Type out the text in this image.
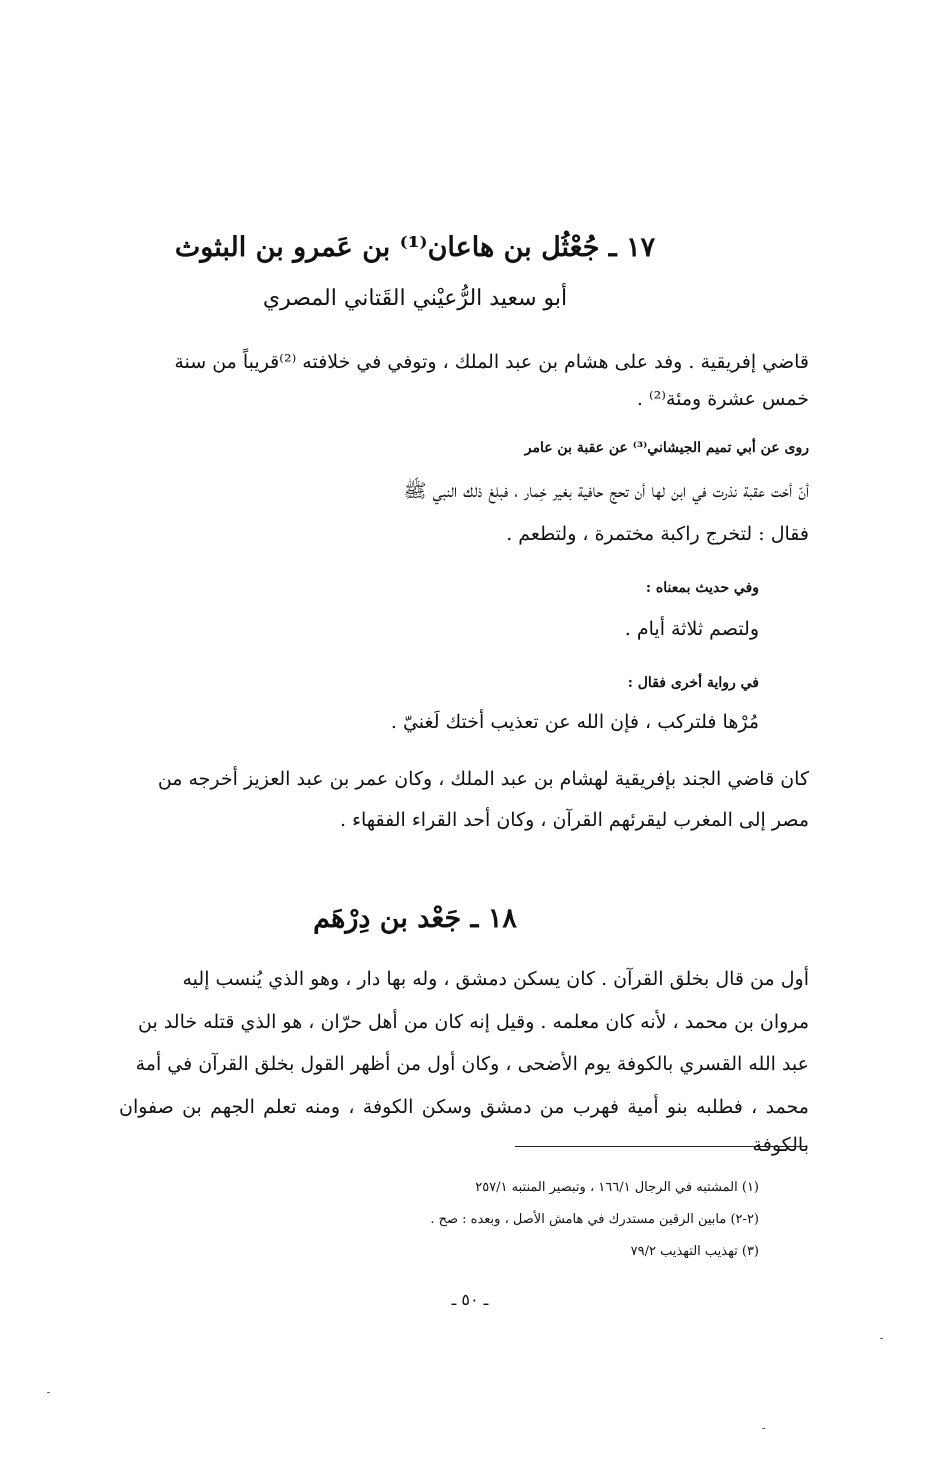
١٧ ـ جُعْثُل بن هاعان⁽¹⁾ بن عَمرو بن البثوث
أبو سعيد الرُّعيْني القَتاني المصري
قاضي إفريقية . وفد على هشام بن عبد الملك ، وتوفي في خلافته ⁽²⁾قريباً من سنة
خمس عشرة ومئة⁽²⁾ .
روى عن أبي تميم الجيشاني⁽³⁾ عن عقبة بن عامر
أنّ أخت عقبة نذرت في ابن لها أن تحج حافية بغير خِمار ، فبلغ ذلك النبي ﷺ
فقال : لتخرج راكبة مختمرة ، ولتطعم .
وفي حديث بمعناه :
ولتصم ثلاثة أيام .
في رواية أخرى فقال :
مُرْها فلتركب ، فإن الله عن تعذيب أختك لَغنيّ .
كان قاضي الجند بإفريقية لهشام بن عبد الملك ، وكان عمر بن عبد العزيز أخرجه من
مصر إلى المغرب ليقرئهم القرآن ، وكان أحد القراء الفقهاء .
١٨ ـ جَعْد بن دِرْهَم
أول من قال بخلق القرآن . كان يسكن دمشق ، وله بها دار ، وهو الذي يُنسب إليه
مروان بن محمد ، لأنه كان معلمه . وقيل إنه كان من أهل حرّان ، هو الذي قتله خالد بن
عبد الله القسري بالكوفة يوم الأضحى ، وكان أول من أظهر القول بخلق القرآن في أمة
محمد ، فطلبه بنو أمية فهرب من دمشق وسكن الكوفة ، ومنه تعلم الجهم بن صفوان بالكوفة
(١) المشتبه في الرجال ١٦٦/١ ، وتبصير المنتبه ٢٥٧/١
(٢-٢) مابين الرقين مستدرك في هامش الأصل ، وبعده : صح .
(٣) تهذيب التهذيب ٧٩/٢
ـ ٥٠ ـ
